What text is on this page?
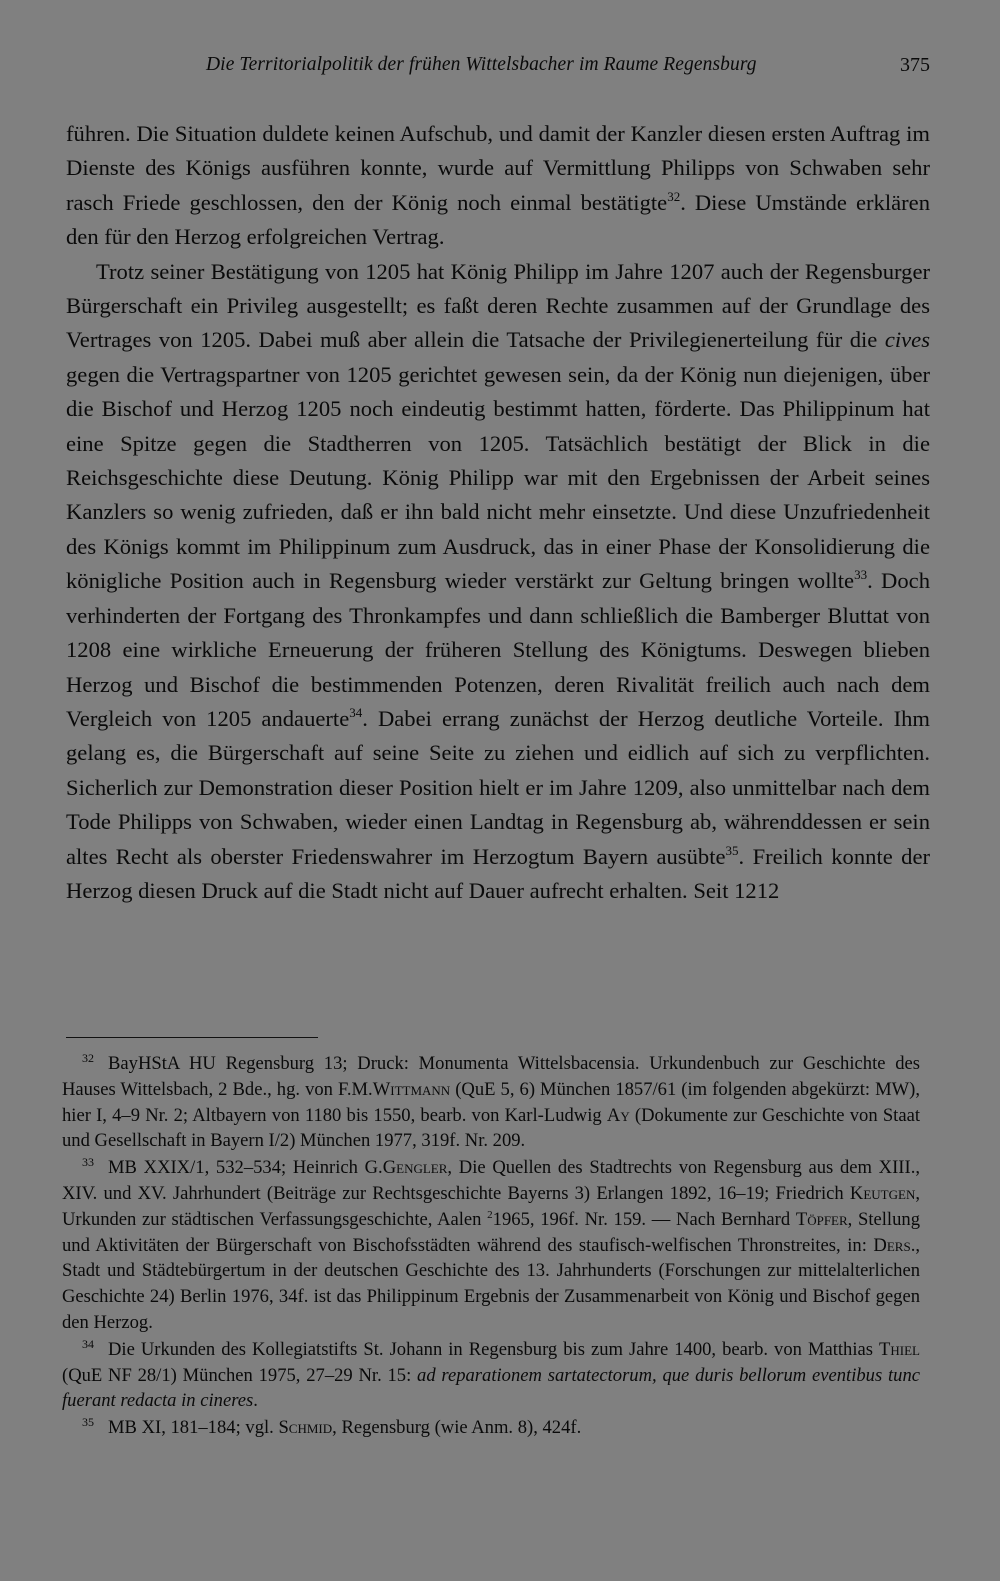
Die Territorialpolitik der frühen Wittelsbacher im Raume Regensburg	375

führen. Die Situation duldete keinen Aufschub, und damit der Kanzler diesen ersten Auftrag im Dienste des Königs ausführen konnte, wurde auf Vermittlung Philipps von Schwaben sehr rasch Friede geschlossen, den der König noch einmal bestätigte$^{32}$. Diese Umstände erklären den für den Herzog erfolgreichen Vertrag.

Trotz seiner Bestätigung von 1205 hat König Philipp im Jahre 1207 auch der Regensburger Bürgerschaft ein Privileg ausgestellt; es faßt deren Rechte zusammen auf der Grundlage des Vertrages von 1205. Dabei muß aber allein die Tatsache der Privilegienerteilung für die cives gegen die Vertragspartner von 1205 gerichtet gewesen sein, da der König nun diejenigen, über die Bischof und Herzog 1205 noch eindeutig bestimmt hatten, förderte. Das Philippinum hat eine Spitze gegen die Stadtherren von 1205. Tatsächlich bestätigt der Blick in die Reichsgeschichte diese Deutung. König Philipp war mit den Ergebnissen der Arbeit seines Kanzlers so wenig zufrieden, daß er ihn bald nicht mehr einsetzte. Und diese Unzufriedenheit des Königs kommt im Philippinum zum Ausdruck, das in einer Phase der Konsolidierung die königliche Position auch in Regensburg wieder verstärkt zur Geltung bringen wollte$^{33}$. Doch verhinderten der Fortgang des Thronkampfes und dann schließlich die Bamberger Bluttat von 1208 eine wirkliche Erneuerung der früheren Stellung des Königtums. Deswegen blieben Herzog und Bischof die bestimmenden Potenzen, deren Rivalität freilich auch nach dem Vergleich von 1205 andauerte$^{34}$. Dabei errang zunächst der Herzog deutliche Vorteile. Ihm gelang es, die Bürgerschaft auf seine Seite zu ziehen und eidlich auf sich zu verpflichten. Sicherlich zur Demonstration dieser Position hielt er im Jahre 1209, also unmittelbar nach dem Tode Philipps von Schwaben, wieder einen Landtag in Regensburg ab, währenddessen er sein altes Recht als oberster Friedenswahrer im Herzogtum Bayern ausübte$^{35}$. Freilich konnte der Herzog diesen Druck auf die Stadt nicht auf Dauer aufrecht erhalten. Seit 1212

$^{32}$ BayHStA HU Regensburg 13; Druck: Monumenta Wittelsbacensia. Urkundenbuch zur Geschichte des Hauses Wittelsbach, 2 Bde., hg. von F.M.Wittmann (QuE 5, 6) München 1857/61 (im folgenden abgekürzt: MW), hier I, 4–9 Nr. 2; Altbayern von 1180 bis 1550, bearb. von Karl-Ludwig Ay (Dokumente zur Geschichte von Staat und Gesellschaft in Bayern I/2) München 1977, 319f. Nr. 209.

$^{33}$ MB XXIX/1, 532–534; Heinrich G.Gengler, Die Quellen des Stadtrechts von Regensburg aus dem XIII., XIV. und XV. Jahrhundert (Beiträge zur Rechtsgeschichte Bayerns 3) Erlangen 1892, 16–19; Friedrich Keutgen, Urkunden zur städtischen Verfassungsgeschichte, Aalen $^2$1965, 196f. Nr. 159. — Nach Bernhard Töpfer, Stellung und Aktivitäten der Bürgerschaft von Bischofsstädten während des staufisch-welfischen Thronstreites, in: Ders., Stadt und Städtebürgertum in der deutschen Geschichte des 13. Jahrhunderts (Forschungen zur mittelalterlichen Geschichte 24) Berlin 1976, 34f. ist das Philippinum Ergebnis der Zusammenarbeit von König und Bischof gegen den Herzog.

$^{34}$ Die Urkunden des Kollegiatstifts St. Johann in Regensburg bis zum Jahre 1400, bearb. von Matthias Thiel (QuE NF 28/1) München 1975, 27–29 Nr. 15: ad reparationem sartatectorum, que duris bellorum eventibus tunc fuerant redacta in cineres.

$^{35}$ MB XI, 181–184; vgl. Schmid, Regensburg (wie Anm. 8), 424f.
